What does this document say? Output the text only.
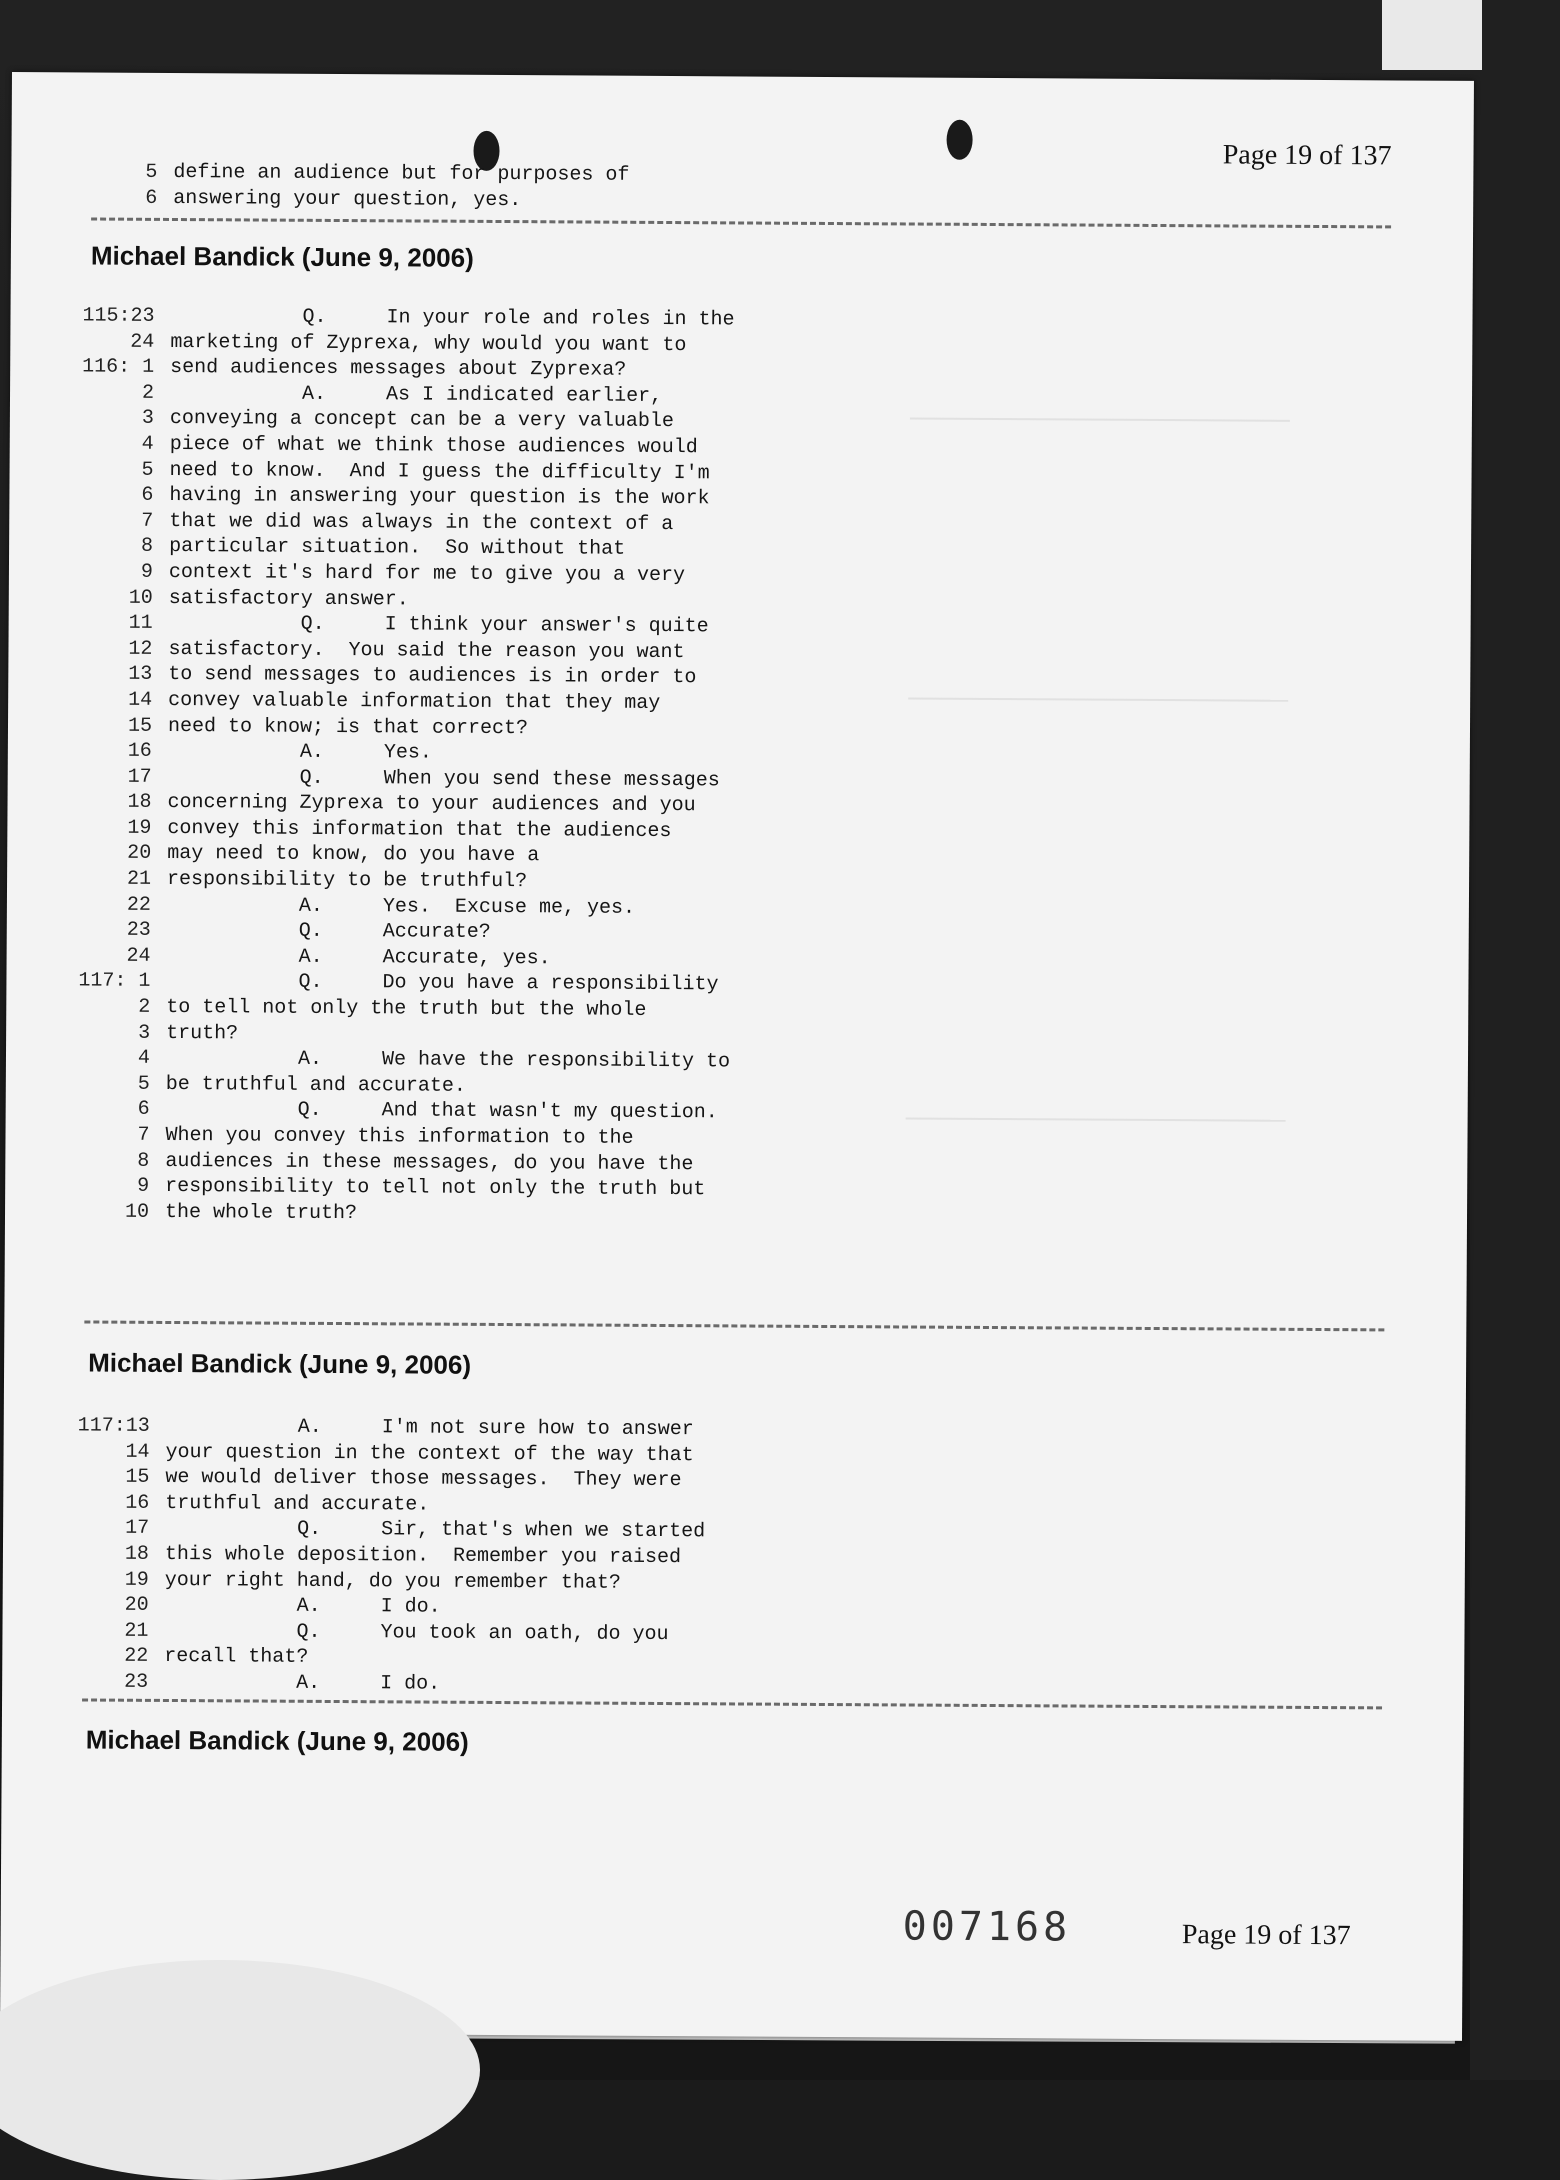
Page 19 of 137
5 define an audience but for purposes of
6 answering your question, yes.
Michael Bandick (June 9, 2006)
115:23 Q.     In your role and roles in the
24 marketing of Zyprexa, why would you want to
116: 1 send audiences messages about Zyprexa?
2 A.     As I indicated earlier,
3 conveying a concept can be a very valuable
4 piece of what we think those audiences would
5 need to know.  And I guess the difficulty I'm
6 having in answering your question is the work
7 that we did was always in the context of a
8 particular situation.  So without that
9 context it's hard for me to give you a very
10 satisfactory answer.
11 Q.     I think your answer's quite
12 satisfactory.  You said the reason you want
13 to send messages to audiences is in order to
14 convey valuable information that they may
15 need to know; is that correct?
16 A.     Yes.
17 Q.     When you send these messages
18 concerning Zyprexa to your audiences and you
19 convey this information that the audiences
20 may need to know, do you have a
21 responsibility to be truthful?
22 A.     Yes.  Excuse me, yes.
23 Q.     Accurate?
24 A.     Accurate, yes.
117: 1 Q.     Do you have a responsibility
2 to tell not only the truth but the whole
3 truth?
4 A.     We have the responsibility to
5 be truthful and accurate.
6 Q.     And that wasn't my question.
7 When you convey this information to the
8 audiences in these messages, do you have the
9 responsibility to tell not only the truth but
10 the whole truth?
Michael Bandick (June 9, 2006)
117:13 A.     I'm not sure how to answer
14 your question in the context of the way that
15 we would deliver those messages.  They were
16 truthful and accurate.
17 Q.     Sir, that's when we started
18 this whole deposition.  Remember you raised
19 your right hand, do you remember that?
20 A.     I do.
21 Q.     You took an oath, do you
22 recall that?
23 A.     I do.
Michael Bandick (June 9, 2006)
007168	Page 19 of 137
